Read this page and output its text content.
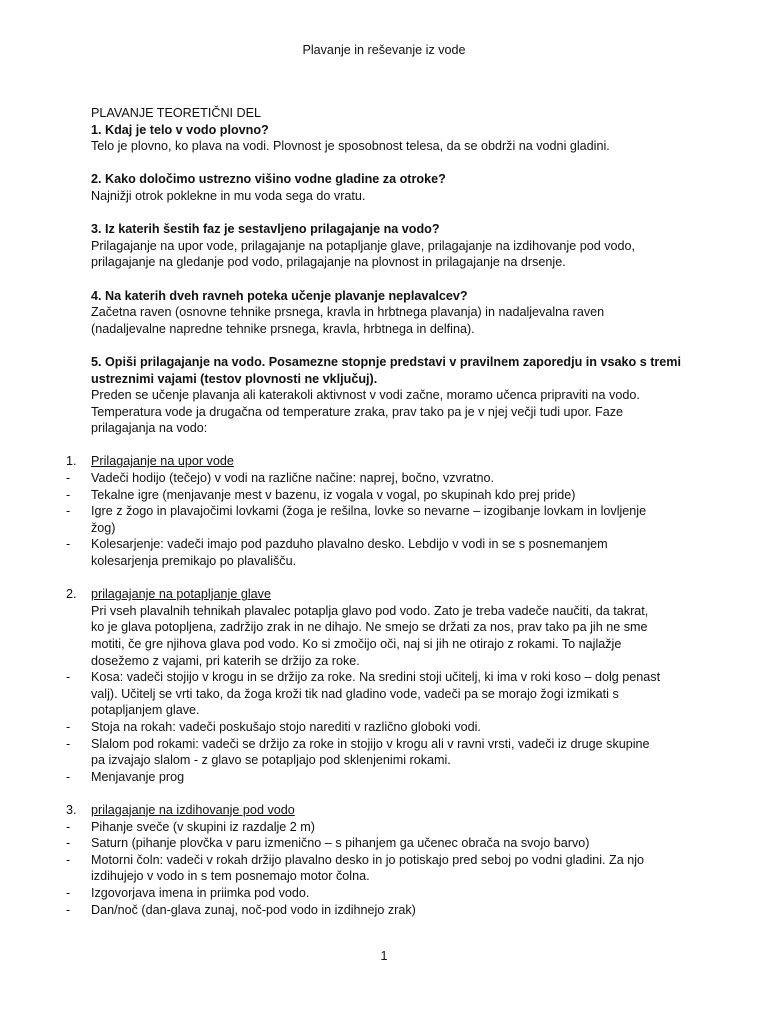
Plavanje in reševanje iz vode
PLAVANJE TEORETIČNI DEL
1. Kdaj je telo v vodo plovno?
Telo je plovno, ko plava na vodi. Plovnost je sposobnost telesa, da se obdrži na vodni gladini.
2. Kako določimo ustrezno višino vodne gladine za otroke?
Najnižji otrok poklekne in mu voda sega do vratu.
3. Iz katerih šestih faz je sestavljeno prilagajanje na vodo?
Prilagajanje na upor vode, prilagajanje na potapljanje glave, prilagajanje na izdihovanje pod vodo,
prilagajanje na gledanje pod vodo, prilagajanje na plovnost in prilagajanje na drsenje.
4. Na katerih dveh ravneh poteka učenje plavanje neplavalcev?
Začetna raven (osnovne tehnike prsnega, kravla in hrbtnega plavanja) in nadaljevalna raven
(nadaljevalne napredne tehnike prsnega, kravla, hrbtnega in delfina).
5. Opiši prilagajanje na vodo. Posamezne stopnje predstavi v pravilnem zaporedju in vsako s tremi
ustreznimi vajami (testov plovnosti ne vključuj).
Preden se učenje plavanja ali katerakoli aktivnost v vodi začne, moramo učenca pripraviti na vodo.
Temperatura vode ja drugačna od temperature zraka, prav tako pa je v njej večji tudi upor. Faze
prilagajanja na vodo:
1. Prilagajanje na upor vode
- Vadeči hodijo (tečejo) v vodi na različne načine: naprej, bočno, vzvratno.
- Tekalne igre (menjavanje mest v bazenu, iz vogala v vogal, po skupinah kdo prej pride)
- Igre z žogo in plavajočimi lovkami (žoga je rešilna, lovke so nevarne – izogibanje lovkam in lovljenje
žog)
- Kolesarjenje: vadeči imajo pod pazduho plavalno desko. Lebdijo v vodi in se s posnemanjem
kolesarjenja premikajo po plavališču.
2. prilagajanje na potapljanje glave
Pri vseh plavalnih tehnikah plavalec potaplja glavo pod vodo. Zato je treba vadeče naučiti, da takrat,
ko je glava potopljena, zadržijo zrak in ne dihajo. Ne smejo se držati za nos, prav tako pa jih ne sme
motiti, če gre njihova glava pod vodo. Ko si zmočijo oči, naj si jih ne otirajo z rokami. To najlažje
dosežemo z vajami, pri katerih se držijo za roke.
- Kosa: vadeči stojijo v krogu in se držijo za roke. Na sredini stoji učitelj, ki ima v roki koso – dolg penast
valj). Učitelj se vrti tako, da žoga kroži tik nad gladino vode, vadeči pa se morajo žogi izmikati s
potapljanjem glave.
- Stoja na rokah: vadeči poskušajo stojo narediti v različno globoki vodi.
- Slalom pod rokami: vadeči se držijo za roke in stojijo v krogu ali v ravni vrsti, vadeči iz druge skupine
pa izvajajo slalom - z glavo se potapljajo pod sklenjenimi rokami.
- Menjavanje prog
3. prilagajanje na izdihovanje pod vodo
- Pihanje sveče (v skupini iz razdalje 2 m)
- Saturn (pihanje plovčka v paru izmenično – s pihanjem ga učenec obrača na svojo barvo)
- Motorni čoln: vadeči v rokah držijo plavalno desko in jo potiskajo pred seboj po vodni gladini. Za njo
izdihujejo v vodo in s tem posnemajo motor čolna.
- Izgovorjava imena in priimka pod vodo.
- Dan/noč (dan-glava zunaj, noč-pod vodo in izdihnejo zrak)
1
